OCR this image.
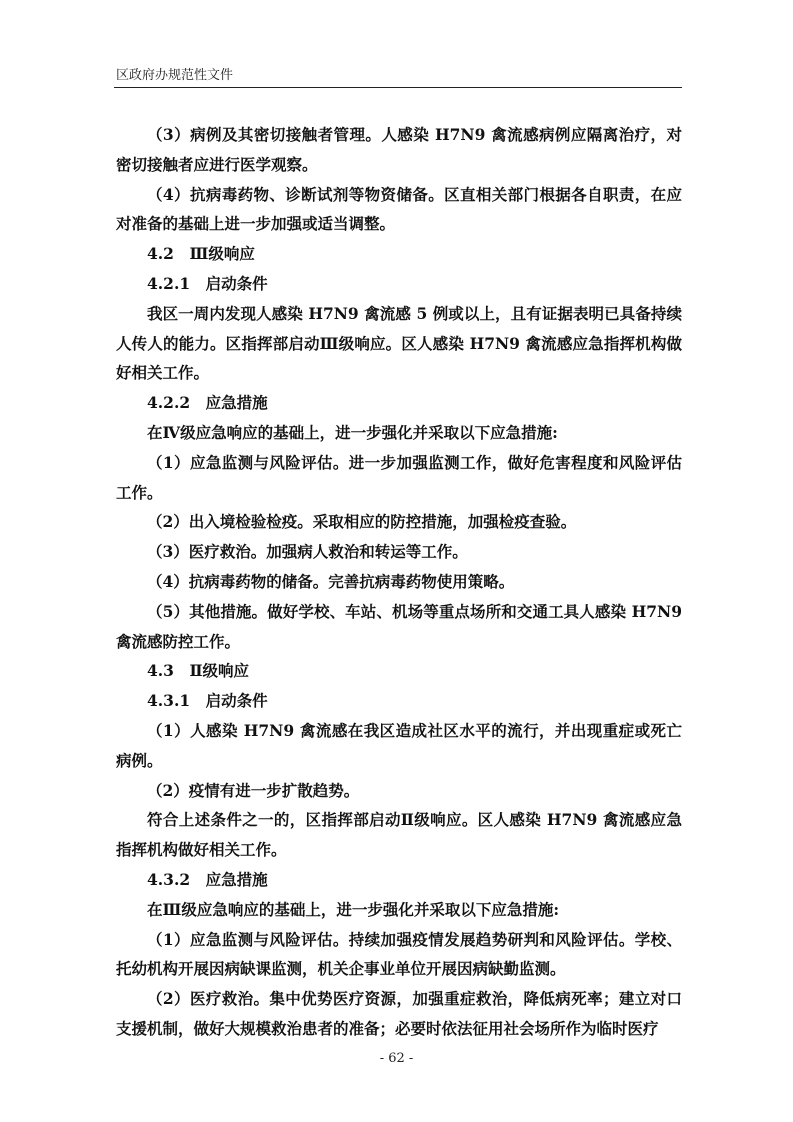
区政府办规范性文件

（3）病例及其密切接触者管理。人感染 H7N9 禽流感病例应隔离治疗，对密切接触者应进行医学观察。

（4）抗病毒药物、诊断试剂等物资储备。区直相关部门根据各自职责，在应对准备的基础上进一步加强或适当调整。

4.2　Ⅲ级响应

4.2.1　启动条件

我区一周内发现人感染 H7N9 禽流感 5 例或以上，且有证据表明已具备持续人传人的能力。区指挥部启动Ⅲ级响应。区人感染 H7N9 禽流感应急指挥机构做好相关工作。

4.2.2　应急措施

在Ⅳ级应急响应的基础上，进一步强化并采取以下应急措施:

（1）应急监测与风险评估。进一步加强监测工作，做好危害程度和风险评估工作。

（2）出入境检验检疫。采取相应的防控措施，加强检疫查验。

（3）医疗救治。加强病人救治和转运等工作。

（4）抗病毒药物的储备。完善抗病毒药物使用策略。

（5）其他措施。做好学校、车站、机场等重点场所和交通工具人感染 H7N9 禽流感防控工作。

4.3　Ⅱ级响应

4.3.1　启动条件

（1）人感染 H7N9 禽流感在我区造成社区水平的流行，并出现重症或死亡病例。

（2）疫情有进一步扩散趋势。

符合上述条件之一的，区指挥部启动Ⅱ级响应。区人感染 H7N9 禽流感应急指挥机构做好相关工作。

4.3.2　应急措施

在Ⅲ级应急响应的基础上，进一步强化并采取以下应急措施:

（1）应急监测与风险评估。持续加强疫情发展趋势研判和风险评估。学校、托幼机构开展因病缺课监测，机关企事业单位开展因病缺勤监测。

（2）医疗救治。集中优势医疗资源，加强重症救治，降低病死率；建立对口支援机制，做好大规模救治患者的准备；必要时依法征用社会场所作为临时医疗

- 62 -
